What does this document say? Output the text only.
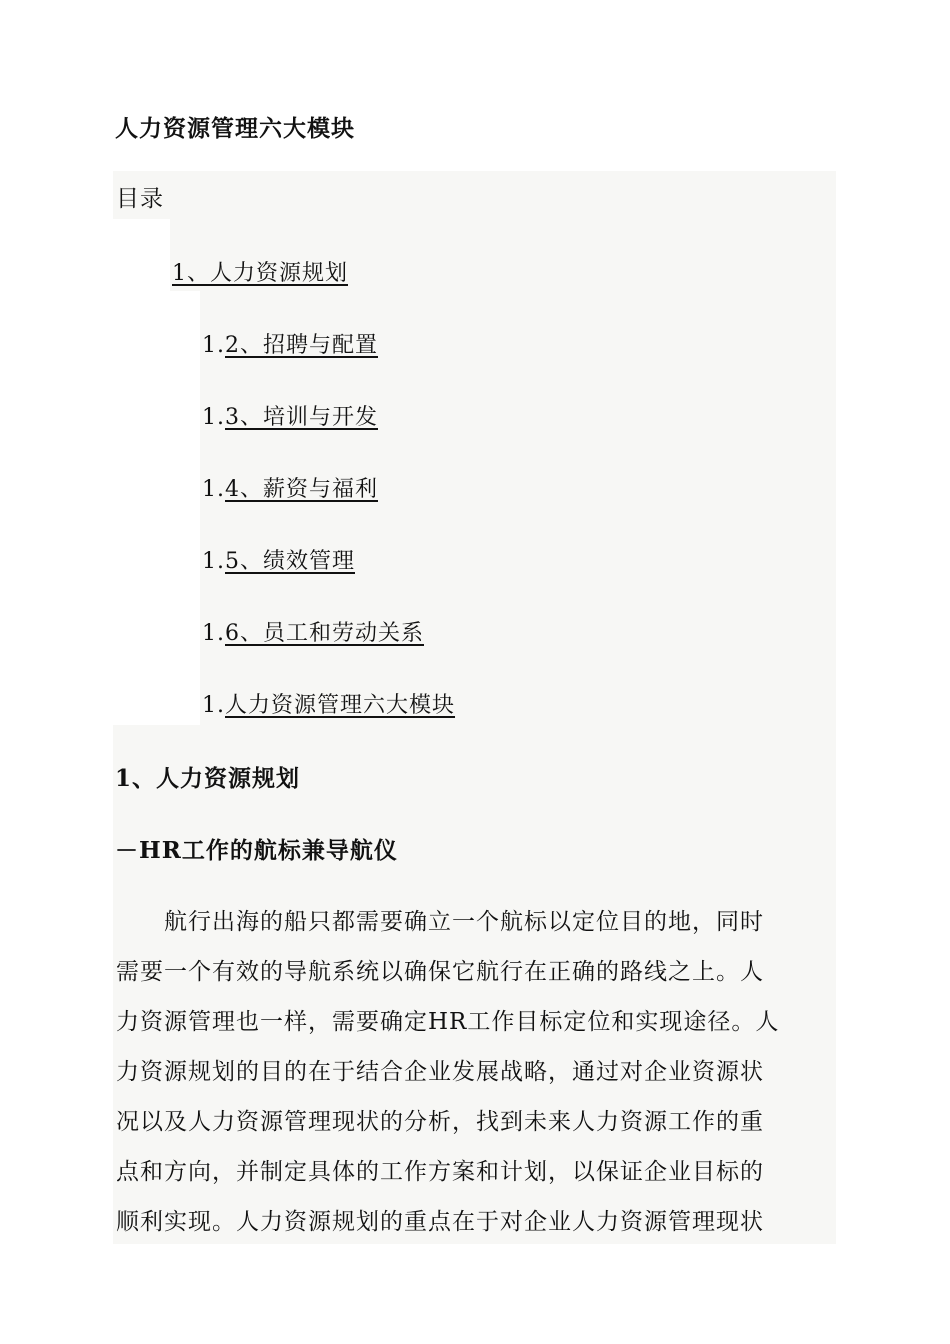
人力资源管理六大模块
目录
1、人力资源规划
1.2、招聘与配置
1.3、培训与开发
1.4、薪资与福利
1.5、绩效管理
1.6、员工和劳动关系
1.人力资源管理六大模块
1、人力资源规划
－HR工作的航标兼导航仪
　　航行出海的船只都需要确立一个航标以定位目的地，同时
需要一个有效的导航系统以确保它航行在正确的路线之上。人
力资源管理也一样，需要确定HR工作目标定位和实现途径。人
力资源规划的目的在于结合企业发展战略，通过对企业资源状
况以及人力资源管理现状的分析，找到未来人力资源工作的重
点和方向，并制定具体的工作方案和计划，以保证企业目标的
顺利实现。人力资源规划的重点在于对企业人力资源管理现状
